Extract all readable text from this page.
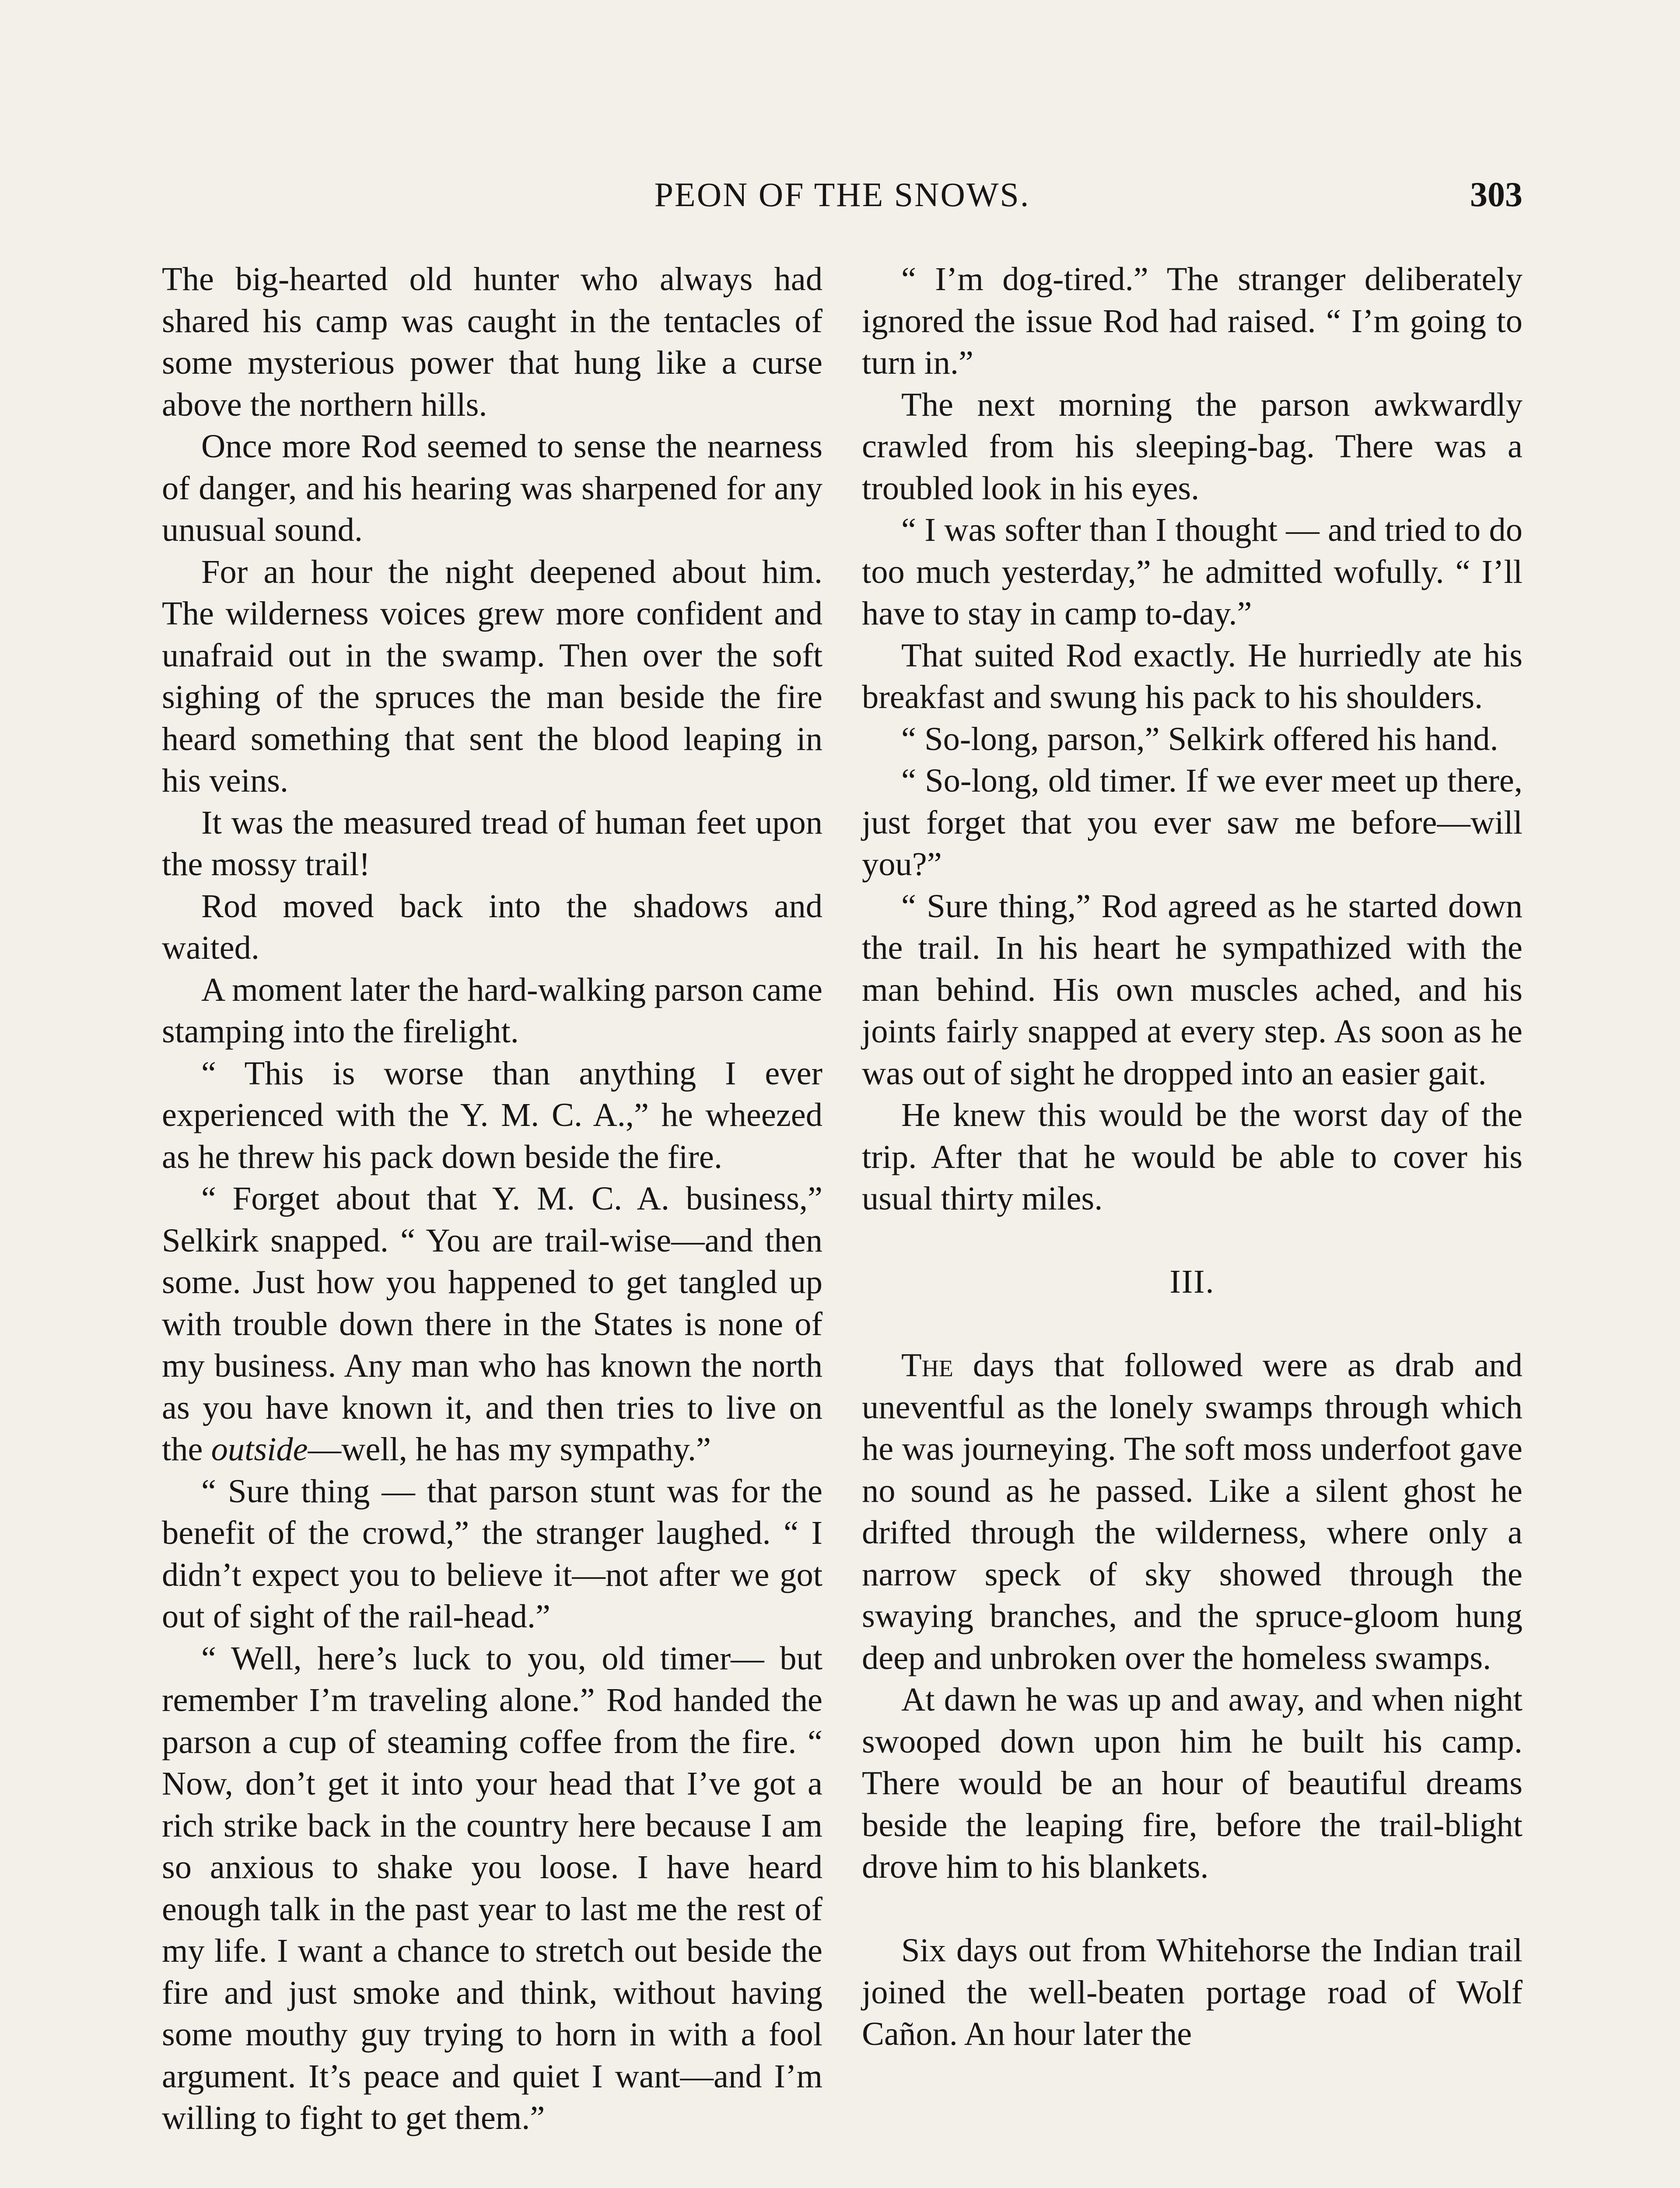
PEON OF THE SNOWS.	303

The big-hearted old hunter who always had shared his camp was caught in the tentacles of some mysterious power that hung like a curse above the northern hills.

Once more Rod seemed to sense the nearness of danger, and his hearing was sharpened for any unusual sound.

For an hour the night deepened about him. The wilderness voices grew more confident and unafraid out in the swamp. Then over the soft sighing of the spruces the man beside the fire heard something that sent the blood leaping in his veins.

It was the measured tread of human feet upon the mossy trail!

Rod moved back into the shadows and waited.

A moment later the hard-walking parson came stamping into the firelight.

“ This is worse than anything I ever experienced with the Y. M. C. A.,” he wheezed as he threw his pack down beside the fire.

“ Forget about that Y. M. C. A. business,” Selkirk snapped. “ You are trail-wise—and then some. Just how you happened to get tangled up with trouble down there in the States is none of my business. Any man who has known the north as you have known it, and then tries to live on the outside—well, he has my sympathy.”

“ Sure thing — that parson stunt was for the benefit of the crowd,” the stranger laughed. “ I didn’t expect you to believe it—not after we got out of sight of the rail-head.”

“ Well, here’s luck to you, old timer— but remember I’m traveling alone.” Rod handed the parson a cup of steaming coffee from the fire. “ Now, don’t get it into your head that I’ve got a rich strike back in the country here because I am so anxious to shake you loose. I have heard enough talk in the past year to last me the rest of my life. I want a chance to stretch out beside the fire and just smoke and think, without having some mouthy guy trying to horn in with a fool argument. It’s peace and quiet I want—and I’m willing to fight to get them.”

“ I’m dog-tired.” The stranger deliberately ignored the issue Rod had raised. “ I’m going to turn in.”

The next morning the parson awkwardly crawled from his sleeping-bag. There was a troubled look in his eyes.

“ I was softer than I thought — and tried to do too much yesterday,” he admitted wofully. “ I’ll have to stay in camp to-day.”

That suited Rod exactly. He hurriedly ate his breakfast and swung his pack to his shoulders.

“ So-long, parson,” Selkirk offered his hand.

“ So-long, old timer. If we ever meet up there, just forget that you ever saw me before—will you?”

“ Sure thing,” Rod agreed as he started down the trail. In his heart he sympathized with the man behind. His own muscles ached, and his joints fairly snapped at every step. As soon as he was out of sight he dropped into an easier gait.

He knew this would be the worst day of the trip. After that he would be able to cover his usual thirty miles.

III.

The days that followed were as drab and uneventful as the lonely swamps through which he was journeying. The soft moss underfoot gave no sound as he passed. Like a silent ghost he drifted through the wilderness, where only a narrow speck of sky showed through the swaying branches, and the spruce-gloom hung deep and unbroken over the homeless swamps.

At dawn he was up and away, and when night swooped down upon him he built his camp. There would be an hour of beautiful dreams beside the leaping fire, before the trail-blight drove him to his blankets.

Six days out from Whitehorse the Indian trail joined the well-beaten portage road of Wolf Cañon. An hour later the
